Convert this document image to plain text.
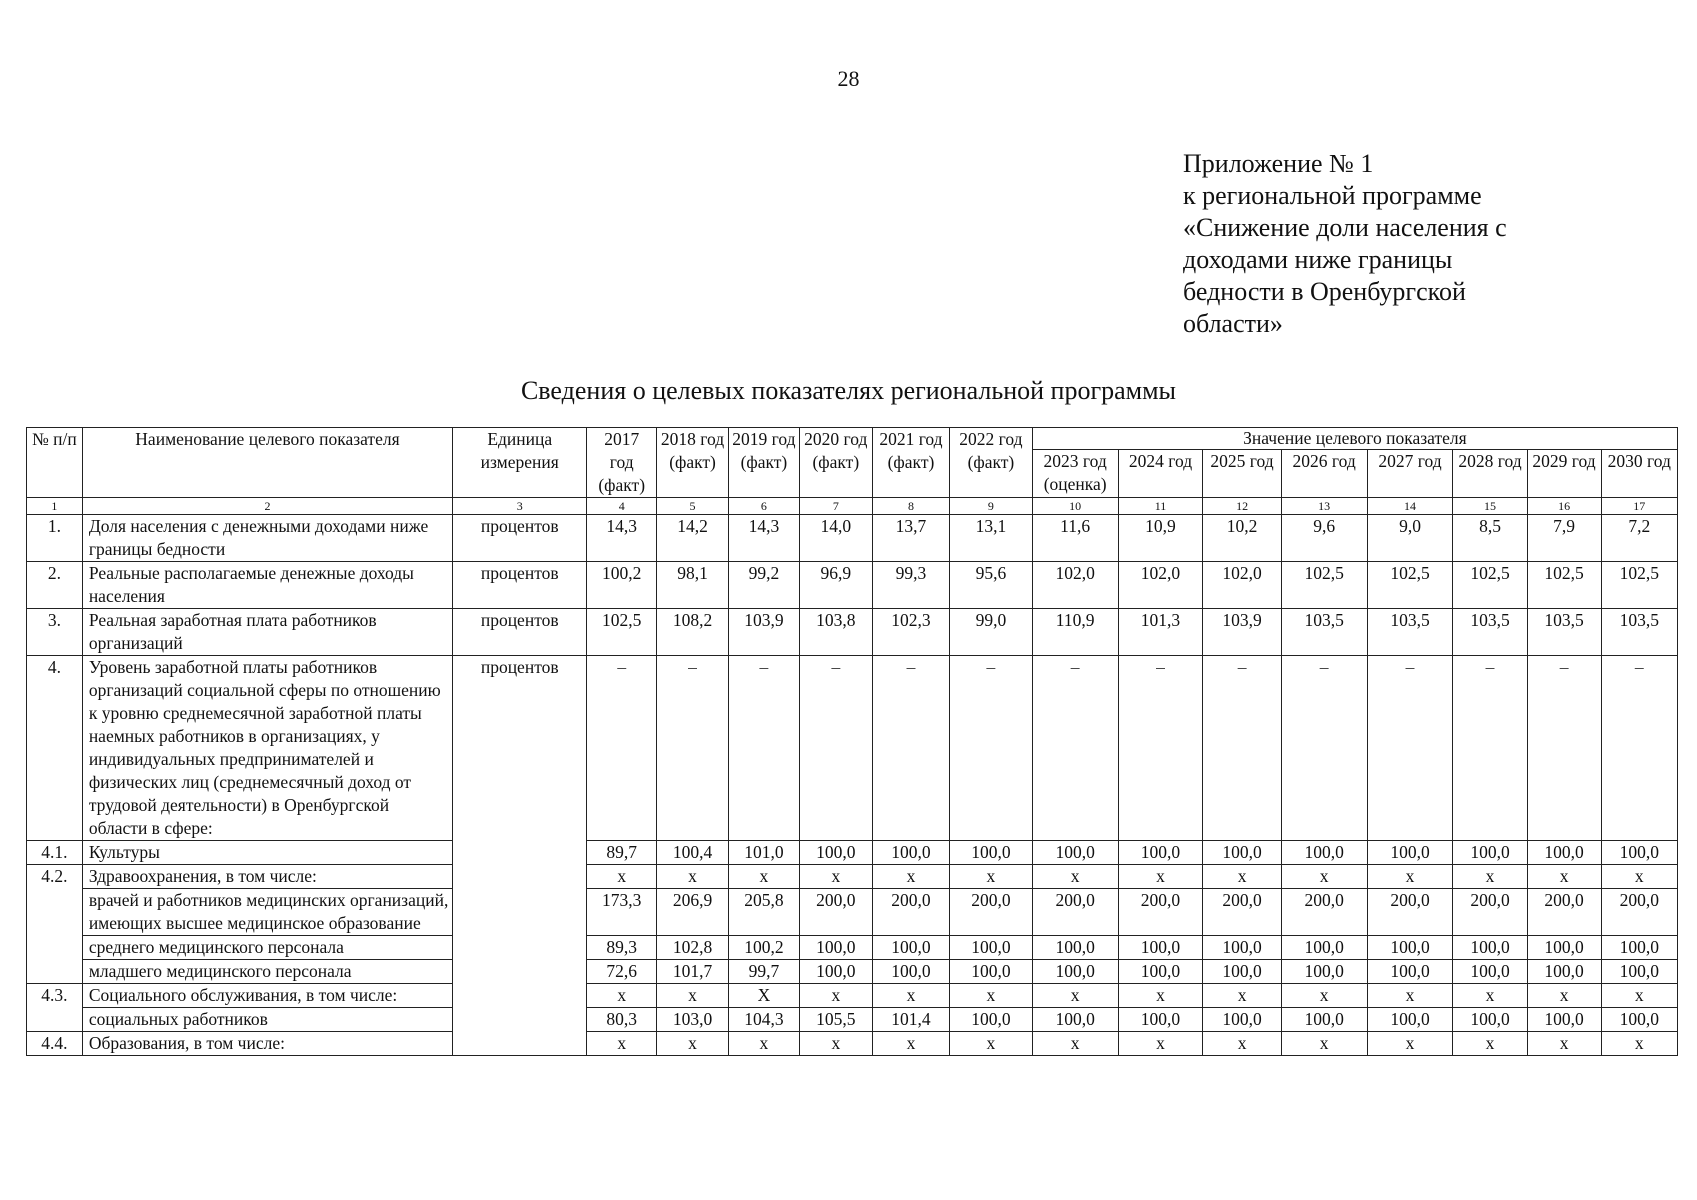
28
Приложение № 1
к региональной программе
«Снижение доли населения с
доходами ниже границы
бедности в Оренбургской
области»
Сведения о целевых показателях региональной программы
№ п/п	Наименование целевого показателя	Единица измерения	2017 год (факт)	2018 год (факт)	2019 год (факт)	2020 год (факт)	2021 год (факт)	2022 год (факт)	Значение целевого показателя							
									2023 год (оценка)	2024 год	2025 год	2026 год	2027 год	2028 год	2029 год	2030 год
1	2	3	4	5	6	7	8	9	10	11	12	13	14	15	16	17
1.	Доля населения с денежными доходами ниже границы бедности	процентов	14,3	14,2	14,3	14,0	13,7	13,1	11,6	10,9	10,2	9,6	9,0	8,5	7,9	7,2
2.	Реальные располагаемые денежные доходы населения	процентов	100,2	98,1	99,2	96,9	99,3	95,6	102,0	102,0	102,0	102,5	102,5	102,5	102,5	102,5
3.	Реальная заработная плата работников организаций	процентов	102,5	108,2	103,9	103,8	102,3	99,0	110,9	101,3	103,9	103,5	103,5	103,5	103,5	103,5
4.	Уровень заработной платы работников организаций социальной сферы по отношению к уровню среднемесячной заработной платы наемных работников в организациях, у индивидуальных предпринимателей и физических лиц (среднемесячный доход от трудовой деятельности) в Оренбургской области в сфере:	процентов	–	–	–	–	–	–	–	–	–	–	–	–	–	–
4.1.	Культуры		89,7	100,4	101,0	100,0	100,0	100,0	100,0	100,0	100,0	100,0	100,0	100,0	100,0	100,0
4.2.	Здравоохранения, в том числе:		х	х	х	х	х	х	х	х	х	х	х	х	х	х
	врачей и работников медицинских организаций, имеющих высшее медицинское образование		173,3	206,9	205,8	200,0	200,0	200,0	200,0	200,0	200,0	200,0	200,0	200,0	200,0	200,0
	среднего медицинского персонала		89,3	102,8	100,2	100,0	100,0	100,0	100,0	100,0	100,0	100,0	100,0	100,0	100,0	100,0
	младшего медицинского персонала		72,6	101,7	99,7	100,0	100,0	100,0	100,0	100,0	100,0	100,0	100,0	100,0	100,0	100,0
4.3.	Социального обслуживания, в том числе:		х	х	Х	х	х	х	х	х	х	х	х	х	х	х
	социальных работников		80,3	103,0	104,3	105,5	101,4	100,0	100,0	100,0	100,0	100,0	100,0	100,0	100,0	100,0
4.4.	Образования, в том числе:		х	х	х	х	х	х	х	х	х	х	х	х	х	х
